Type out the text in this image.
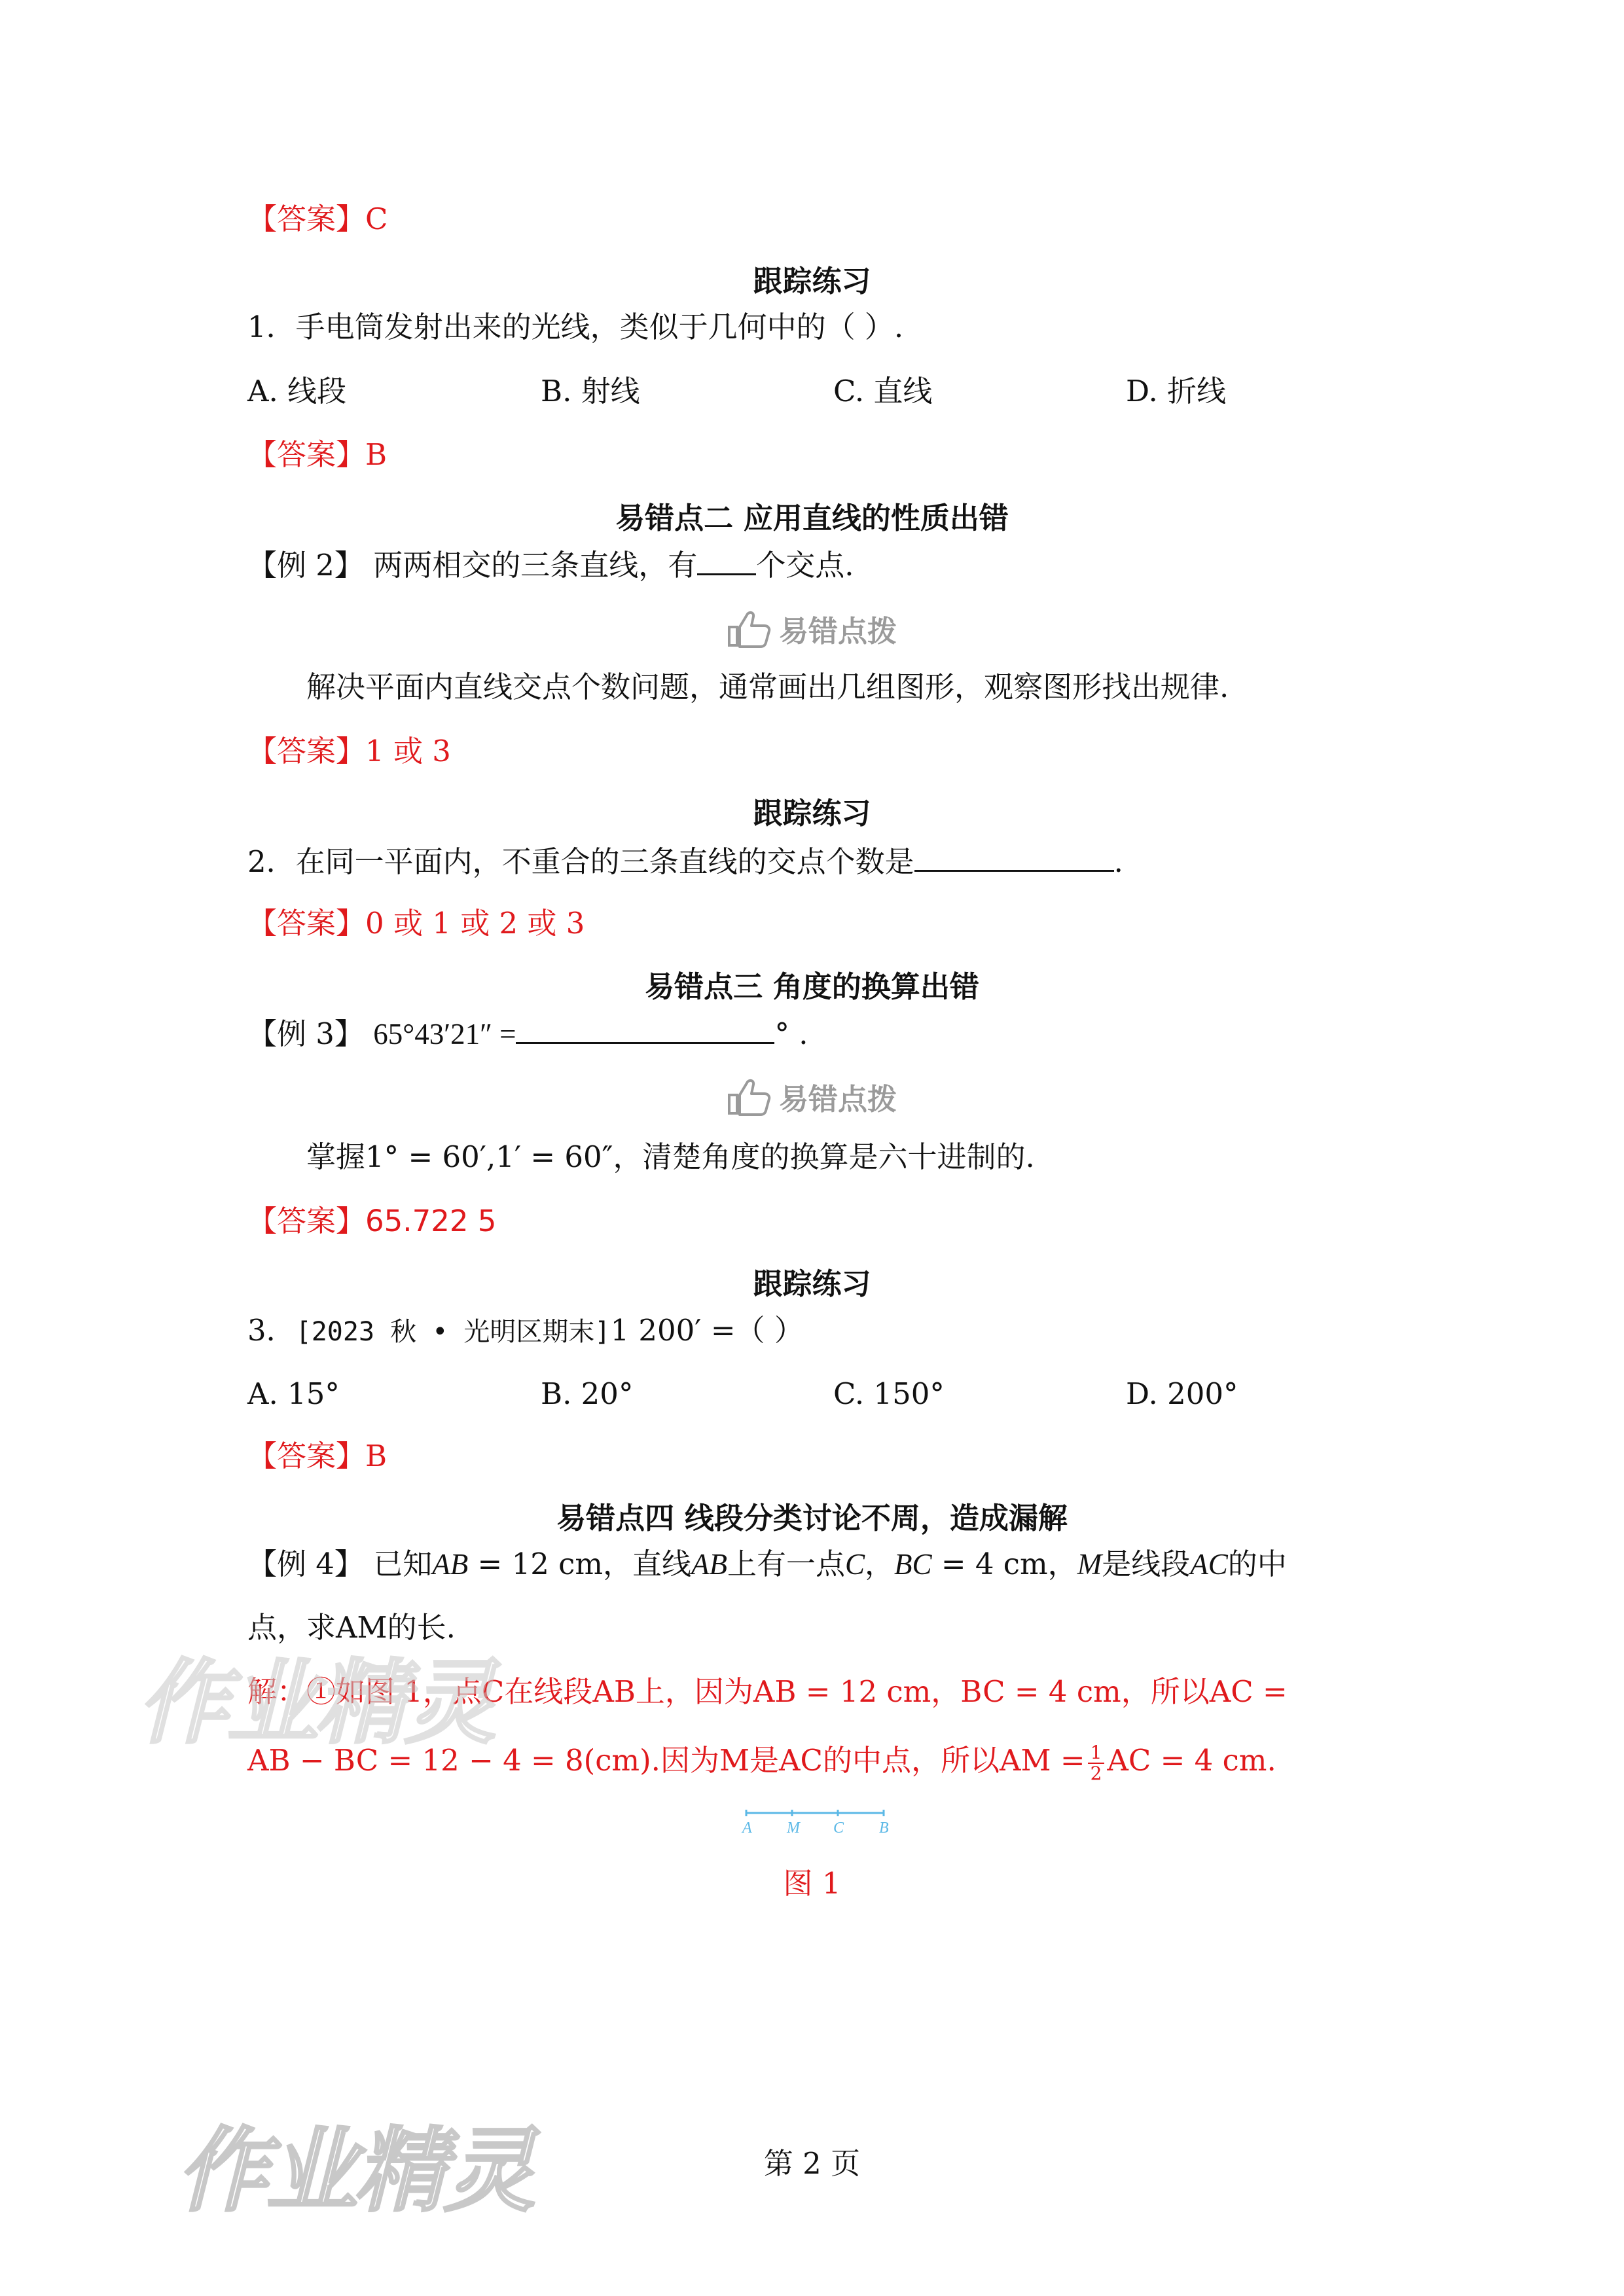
【答案】C
跟踪练习
1．手电筒发射出来的光线，类似于几何中的（ ）.
A. 线段	B. 射线	C. 直线	D. 折线
【答案】B
易错点二 应用直线的性质出错
【例 2】 两两相交的三条直线，有 个交点.
易错点拨
解决平面内直线交点个数问题，通常画出几组图形，观察图形找出规律.
【答案】1 或 3
跟踪练习
2．在同一平面内，不重合的三条直线的交点个数是	.
【答案】0 或 1 或 2 或 3
易错点三 角度的换算出错
【例 3】 65°43′21″ =	° .
易错点拨
掌握1° = 60′,1′ = 60″，清楚角度的换算是六十进制的.
【答案】65.722 5
跟踪练习
3．[2023 秋 • 光明区期末]1 200′ =（ ）
A. 15°	B. 20°	C. 150°	D. 200°
【答案】B
易错点四 线段分类讨论不周，造成漏解
【例 4】 已知AB = 12 cm，直线AB上有一点C，BC = 4 cm，M是线段AC的中
点，求AM的长.
解：①如图 1，点C在线段AB上，因为AB = 12 cm，BC = 4 cm，所以AC =
AB − BC = 12 − 4 = 8(cm).因为M是AC的中点，所以AM = $\frac{1}{2}$ AC = 4 cm.
A M C B
图 1
第 2 页
作业精灵
作业精灵
